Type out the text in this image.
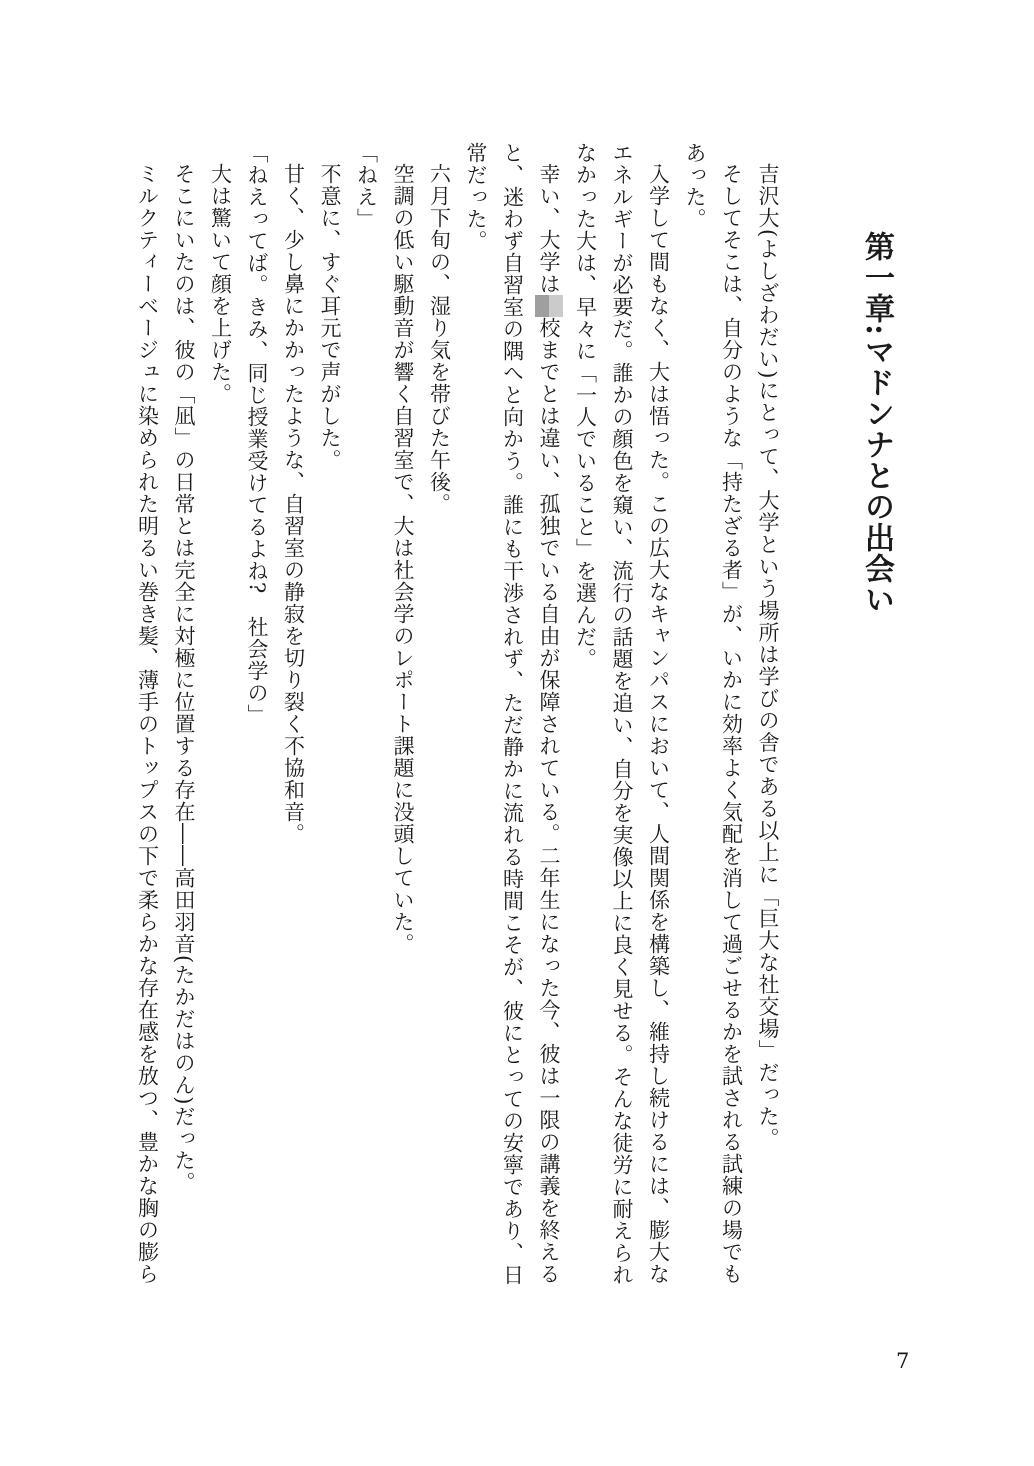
第一章:マドンナとの出会い

吉沢大(よしざわだい)にとって、大学という場所は学びの舎である以上に「巨大な社交場」だった。

そしてそこは、自分のような「持たざる者」が、いかに効率よく気配を消して過ごせるかを試される試練の場でもあった。

入学して間もなく、大は悟った。この広大なキャンパスにおいて、人間関係を構築し、維持し続けるには、膨大なエネルギーが必要だ。誰かの顔色を窺い、流行の話題を追い、自分を実像以上に良く見せる。そんな徒労に耐えられなかった大は、早々に「一人でいること」を選んだ。

幸い、大学は校までとは違い、孤独でいる自由が保障されている。二年生になった今、彼は一限の講義を終えると、迷わず自習室の隅へと向かう。誰にも干渉されず、ただ静かに流れる時間こそが、彼にとっての安寧であり、日常だった。

六月下旬の、湿り気を帯びた午後。

空調の低い駆動音が響く自習室で、大は社会学のレポート課題に没頭していた。

「ねえ」

不意に、すぐ耳元で声がした。

甘く、少し鼻にかかったような、自習室の静寂を切り裂く不協和音。

「ねえってば。きみ、同じ授業受けてるよね?　社会学の」

大は驚いて顔を上げた。

そこにいたのは、彼の「凪」の日常とは完全に対極に位置する存在――高田羽音(たかだはのん)だった。

ミルクティーベージュに染められた明るい巻き髪、薄手のトップスの下で柔らかな存在感を放つ、豊かな胸の膨ら

7
